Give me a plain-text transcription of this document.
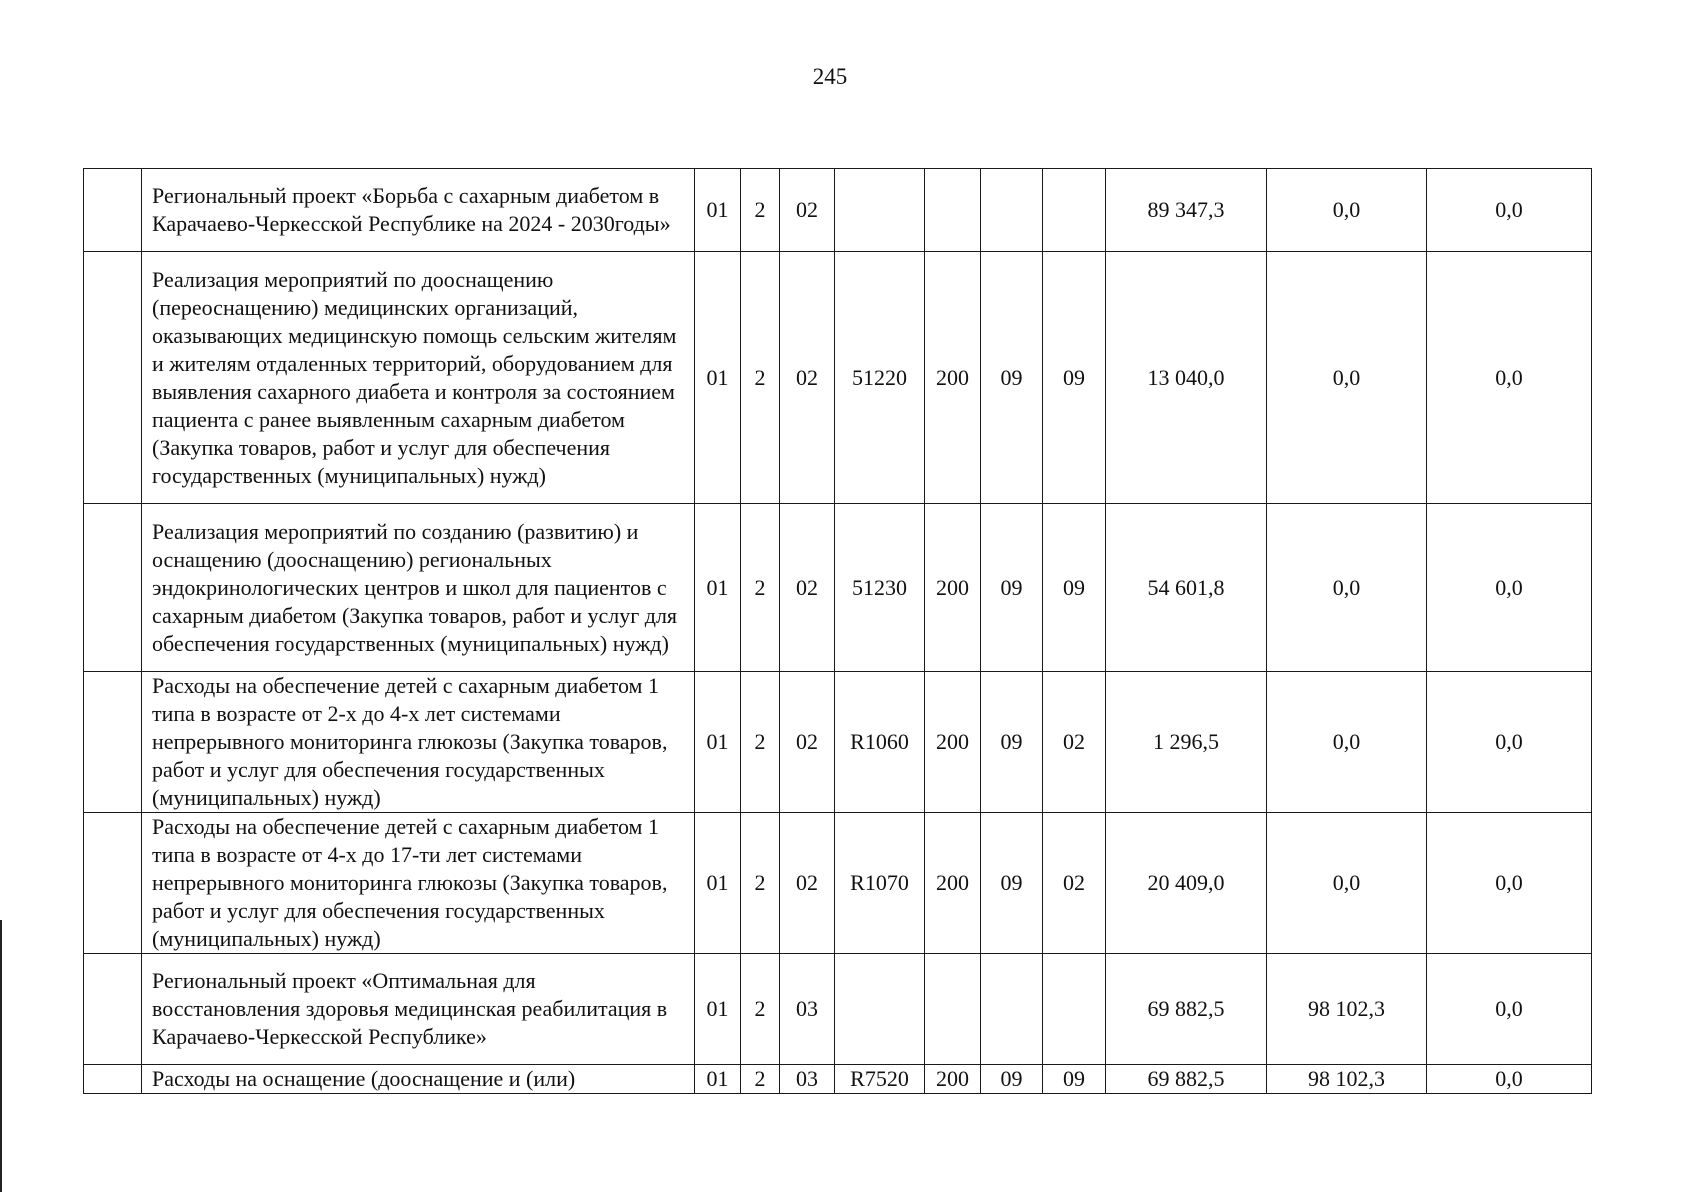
245
	Региональный проект «Борьба с сахарным диабетом в Карачаево-Черкесской Республике на 2024 - 2030годы»	01	2	02					89 347,3	0,0	0,0
	Реализация мероприятий по дооснащению (переоснащению) медицинских организаций, оказывающих медицинскую помощь сельским жителям и жителям отдаленных территорий, оборудованием для выявления сахарного диабета и контроля за состоянием пациента с ранее выявленным сахарным диабетом (Закупка товаров, работ и услуг для обеспечения государственных (муниципальных) нужд)	01	2	02	51220	200	09	09	13 040,0	0,0	0,0
	Реализация мероприятий по созданию (развитию) и оснащению (дооснащению) региональных эндокринологических центров и школ для пациентов с сахарным диабетом (Закупка товаров, работ и услуг для обеспечения государственных (муниципальных) нужд)	01	2	02	51230	200	09	09	54 601,8	0,0	0,0
	Расходы на обеспечение детей с сахарным диабетом 1 типа в возрасте от 2-х до 4-х лет системами непрерывного мониторинга глюкозы (Закупка товаров, работ и услуг для обеспечения государственных (муниципальных) нужд)	01	2	02	R1060	200	09	02	1 296,5	0,0	0,0
	Расходы на обеспечение детей с сахарным диабетом 1 типа в возрасте от 4-х до 17-ти лет системами непрерывного мониторинга глюкозы (Закупка товаров, работ и услуг для обеспечения государственных (муниципальных) нужд)	01	2	02	R1070	200	09	02	20 409,0	0,0	0,0
	Региональный проект «Оптимальная для восстановления здоровья медицинская реабилитация в Карачаево-Черкесской Республике»	01	2	03					69 882,5	98 102,3	0,0
	Расходы на оснащение (дооснащение и (или)	01	2	03	R7520	200	09	09	69 882,5	98 102,3	0,0
